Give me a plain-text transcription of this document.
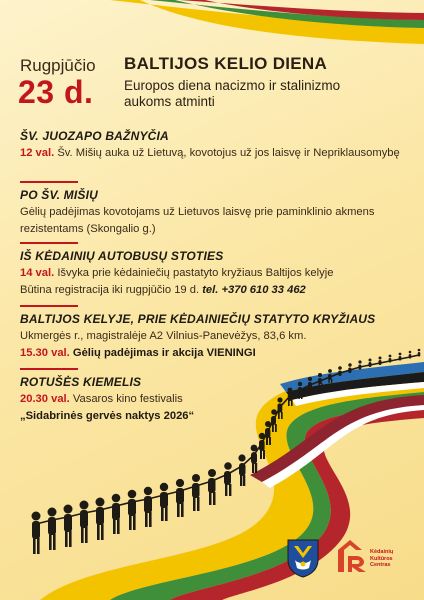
Rugpjūčio
23 d.
BALTIJOS KELIO DIENA
Europos diena nacizmo ir stalinizmo aukoms atminti
ŠV. JUOZAPO BAŽNYČIA
12 val. Šv. Mišių auka už Lietuvą, kovotojus už jos laisvę ir Nepriklausomybę
PO ŠV. MIŠIŲ
Gėlių padėjimas kovotojams už Lietuvos laisvę prie paminklinio akmens rezistentams (Skongalio g.)
IŠ KĖDAINIŲ AUTOBUSŲ STOTIES
14 val. Išvyka prie kėdainiečių pastatyto kryžiaus Baltijos kelyje
Būtina registracija iki rugpjūčio 19 d. tel. +370 610 33 462
BALTIJOS KELYJE, PRIE KĖDAINIEČIŲ STATYTO KRYŽIAUS
Ukmergės r., magistralėje A2 Vilnius-Panevėžys, 83,6 km.
15.30 val. Gėlių padėjimas ir akcija VIENINGI
ROTUŠĖS KIEMELIS
20.30 val. Vasaros kino festivalis
„Sidabrinės gervės naktys 2026“
Kėdainių
Kultūros
Centras
